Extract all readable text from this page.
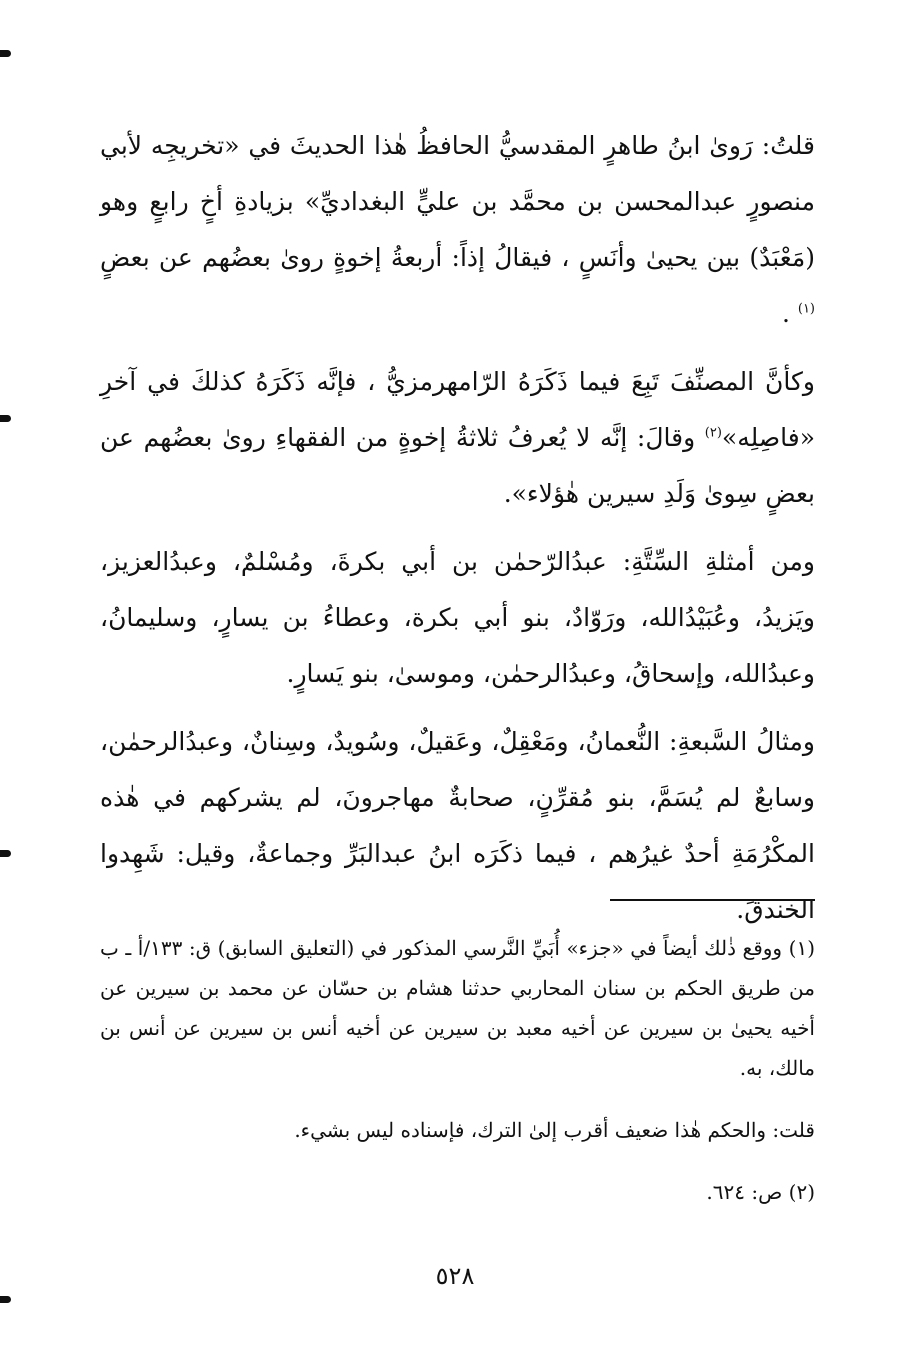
قلتُ: رَوىٰ ابنُ طاهرٍ المقدسيُّ الحافظُ هٰذا الحديثَ في «تخريجِه لأبي منصورٍ عبدالمحسن بن محمَّد بن عليٍّ البغداديِّ» بزيادةِ أخٍ رابعٍ وهو (مَعْبَدٌ) بين يحيىٰ وأنَسٍ ، فيقالُ إذاً: أربعةُ إخوةٍ روىٰ بعضُهم عن بعضٍ $^{(١)}$ .

وكأنَّ المصنِّفَ تَبِعَ فيما ذَكَرَهُ الرّامهرمزيُّ ، فإنَّه ذَكَرَهُ كذلكَ في آخرِ «فاصِلِه»$^{(٢)}$ وقالَ: إنَّه لا يُعرفُ ثلاثةُ إخوةٍ من الفقهاءِ روىٰ بعضُهم عن بعضٍ سِوىٰ وَلَدِ سيرين هٰؤلاء».

ومن أمثلةِ السِّتَّةِ: عبدُالرّحمٰن بن أبي بكرةَ، ومُسْلمٌ، وعبدُالعزيز، ويَزيدُ، وعُبَيْدُالله، ورَوّادٌ، بنو أبي بكرة، وعطاءُ بن يسارٍ، وسليمانُ، وعبدُالله، وإسحاقُ، وعبدُالرحمٰن، وموسىٰ، بنو يَسارٍ.

ومثالُ السَّبعةِ: النُّعمانُ، ومَعْقِلٌ، وعَقيلٌ، وسُويدٌ، وسِنانٌ، وعبدُالرحمٰن، وسابعٌ لم يُسَمَّ، بنو مُقرِّنٍ، صحابةٌ مهاجرونَ، لم يشركهم في هٰذه المكْرُمَةِ أحدٌ غيرُهم ، فيما ذكَرَه ابنُ عبدالبَرِّ وجماعةٌ، وقيل: شَهِدوا الخندقَ.

(١) ووقع ذٰلك أيضاً في «جزء» أُبَيِّ النَّرسي المذكور في (التعليق السابق) ق: ١٣٣/أ ـ ب من طريق الحكم بن سنان المحاربي حدثنا هشام بن حسّان عن محمد بن سيرين عن أخيه يحيىٰ بن سيرين عن أخيه معبد بن سيرين عن أخيه أنس بن سيرين عن أنس بن مالك، به.

قلت: والحكم هٰذا ضعيف أقرب إلىٰ الترك، فإسناده ليس بشيء.

(٢) ص: ٦٢٤.

٥٢٨
